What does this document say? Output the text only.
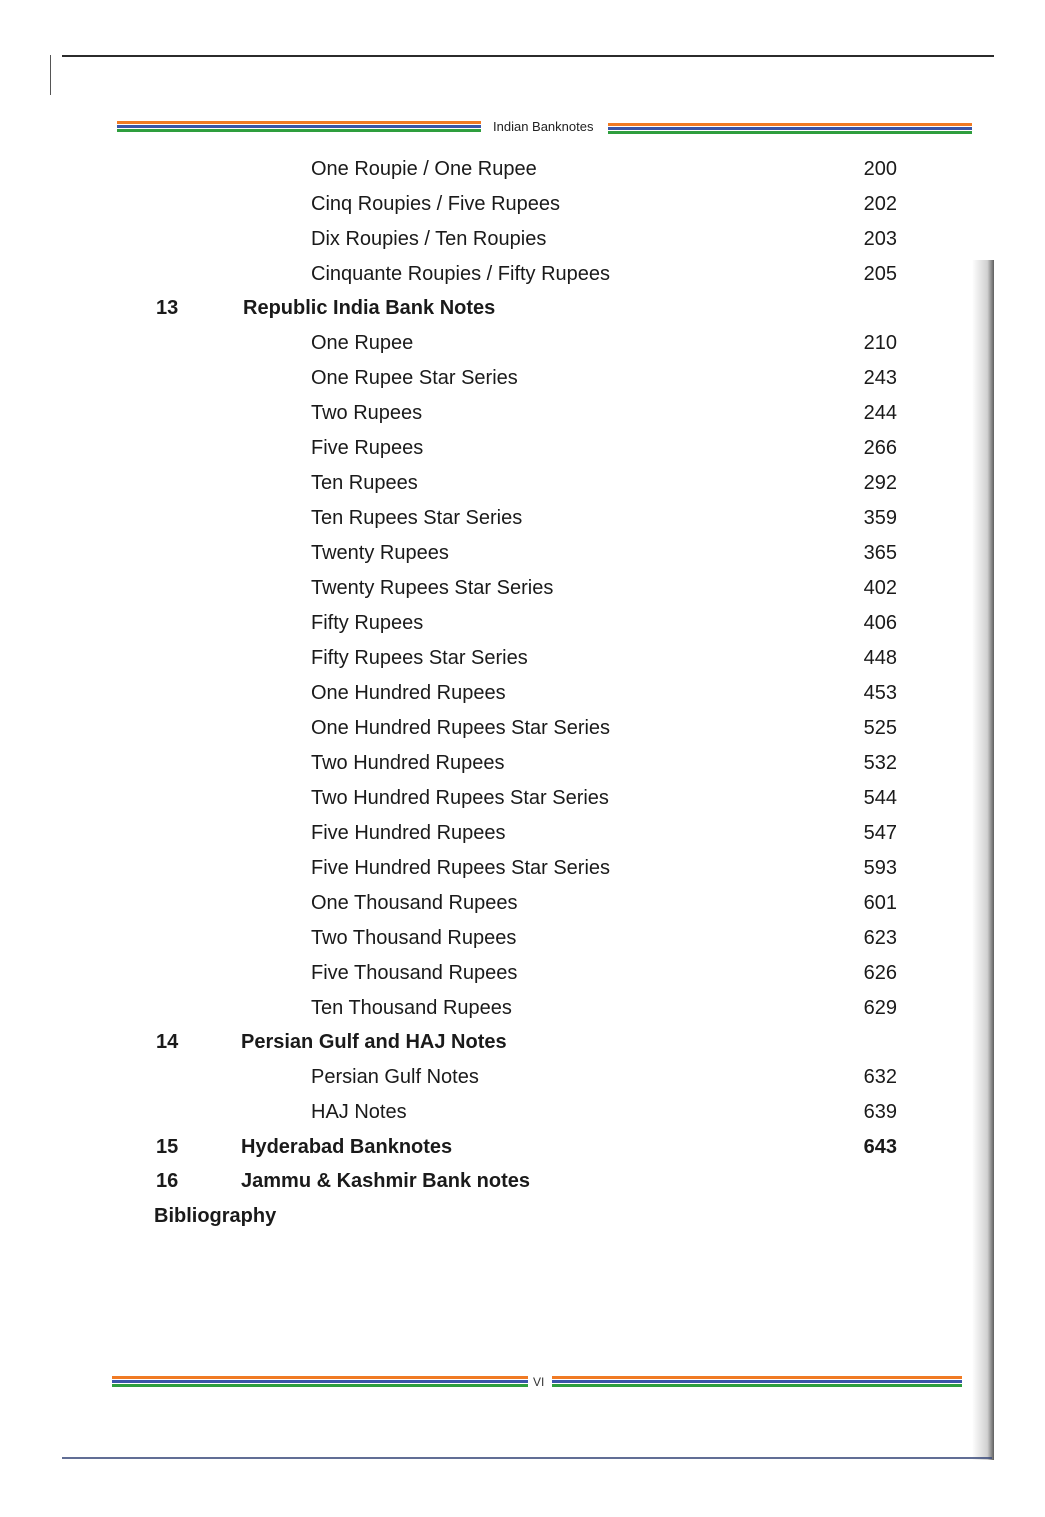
Indian Banknotes
One Roupie / One Rupee	200
Cinq Roupies / Five Rupees	202
Dix Roupies / Ten Roupies	203
Cinquante Roupies / Fifty Rupees	205
13	Republic India Bank Notes
One Rupee	210
One Rupee Star Series	243
Two Rupees	244
Five Rupees	266
Ten Rupees	292
Ten Rupees Star Series	359
Twenty Rupees	365
Twenty Rupees Star Series	402
Fifty Rupees	406
Fifty Rupees Star Series	448
One Hundred Rupees	453
One Hundred Rupees Star Series	525
Two Hundred Rupees	532
Two Hundred Rupees Star Series	544
Five Hundred Rupees	547
Five Hundred Rupees Star Series	593
One Thousand Rupees	601
Two Thousand Rupees	623
Five Thousand Rupees	626
Ten Thousand Rupees	629
14	Persian Gulf and HAJ Notes
Persian Gulf Notes	632
HAJ Notes	639
15	Hyderabad Banknotes	643
16	Jammu & Kashmir Bank notes
Bibliography
VI
